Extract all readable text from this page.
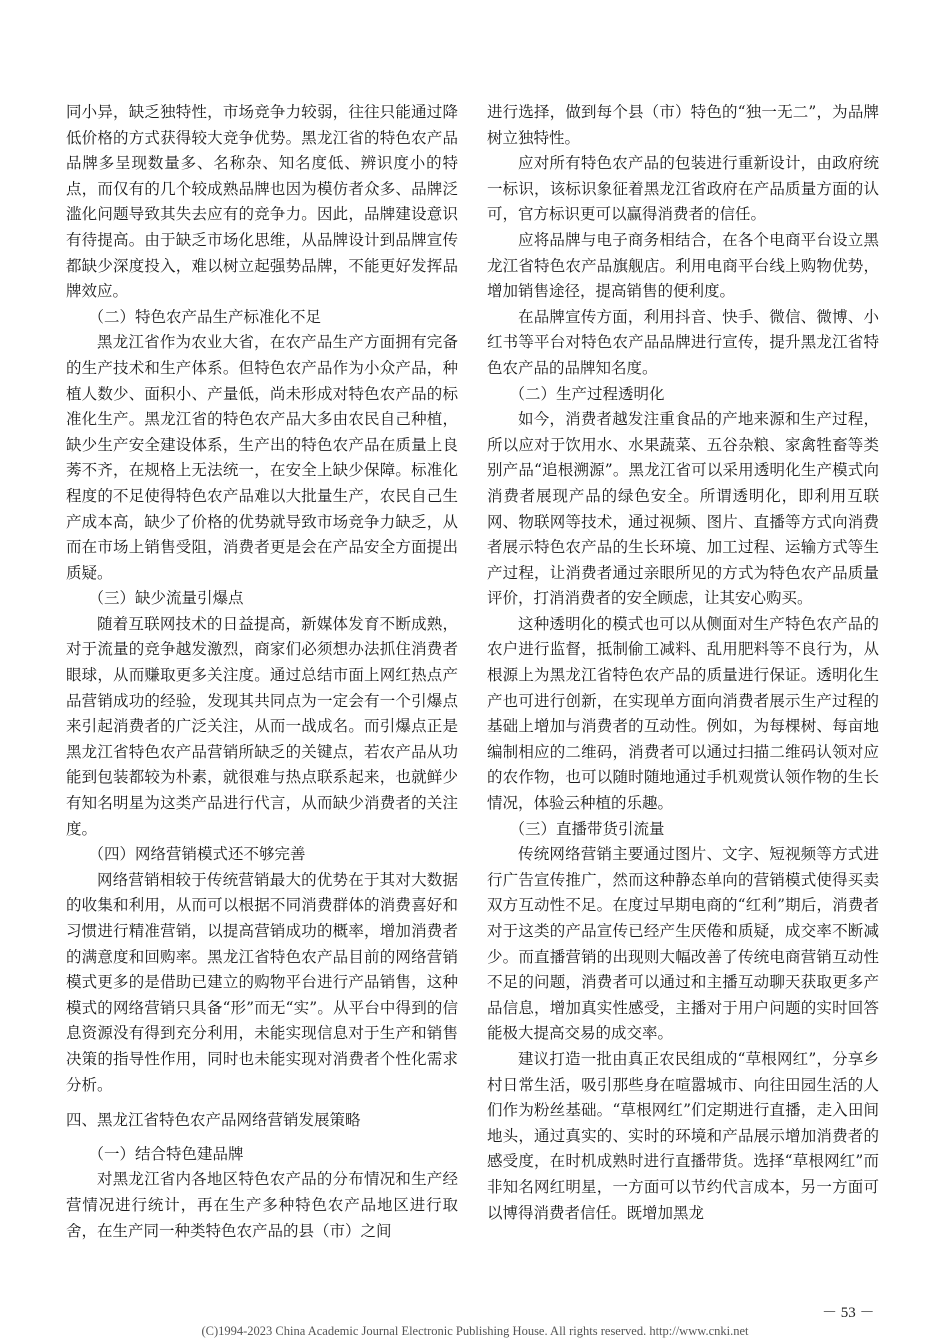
同小异，缺乏独特性，市场竞争力较弱，往往只能通过降低价格的方式获得较大竞争优势。黑龙江省的特色农产品品牌多呈现数量多、名称杂、知名度低、辨识度小的特点，而仅有的几个较成熟品牌也因为模仿者众多、品牌泛滥化问题导致其失去应有的竞争力。因此，品牌建设意识有待提高。由于缺乏市场化思维，从品牌设计到品牌宣传都缺少深度投入，难以树立起强势品牌，不能更好发挥品牌效应。

（二）特色农产品生产标准化不足

黑龙江省作为农业大省，在农产品生产方面拥有完备的生产技术和生产体系。但特色农产品作为小众产品，种植人数少、面积小、产量低，尚未形成对特色农产品的标准化生产。黑龙江省的特色农产品大多由农民自己种植，缺少生产安全建设体系，生产出的特色农产品在质量上良莠不齐，在规格上无法统一，在安全上缺少保障。标准化程度的不足使得特色农产品难以大批量生产，农民自己生产成本高，缺少了价格的优势就导致市场竞争力缺乏，从而在市场上销售受阻，消费者更是会在产品安全方面提出质疑。

（三）缺少流量引爆点

随着互联网技术的日益提高，新媒体发育不断成熟，对于流量的竞争越发激烈，商家们必须想办法抓住消费者眼球，从而赚取更多关注度。通过总结市面上网红热点产品营销成功的经验，发现其共同点为一定会有一个引爆点来引起消费者的广泛关注，从而一战成名。而引爆点正是黑龙江省特色农产品营销所缺乏的关键点，若农产品从功能到包装都较为朴素，就很难与热点联系起来，也就鲜少有知名明星为这类产品进行代言，从而缺少消费者的关注度。

（四）网络营销模式还不够完善

网络营销相较于传统营销最大的优势在于其对大数据的收集和利用，从而可以根据不同消费群体的消费喜好和习惯进行精准营销，以提高营销成功的概率，增加消费者的满意度和回购率。黑龙江省特色农产品目前的网络营销模式更多的是借助已建立的购物平台进行产品销售，这种模式的网络营销只具备“形”而无“实”。从平台中得到的信息资源没有得到充分利用，未能实现信息对于生产和销售决策的指导性作用，同时也未能实现对消费者个性化需求分析。

四、黑龙江省特色农产品网络营销发展策略

（一）结合特色建品牌

对黑龙江省内各地区特色农产品的分布情况和生产经营情况进行统计，再在生产多种特色农产品地区进行取舍，在生产同一种类特色农产品的县（市）之间

进行选择，做到每个县（市）特色的“独一无二”，为品牌树立独特性。

应对所有特色农产品的包装进行重新设计，由政府统一标识，该标识象征着黑龙江省政府在产品质量方面的认可，官方标识更可以赢得消费者的信任。

应将品牌与电子商务相结合，在各个电商平台设立黑龙江省特色农产品旗舰店。利用电商平台线上购物优势，增加销售途径，提高销售的便利度。

在品牌宣传方面，利用抖音、快手、微信、微博、小红书等平台对特色农产品品牌进行宣传，提升黑龙江省特色农产品的品牌知名度。

（二）生产过程透明化

如今，消费者越发注重食品的产地来源和生产过程，所以应对于饮用水、水果蔬菜、五谷杂粮、家禽牲畜等类别产品“追根溯源”。黑龙江省可以采用透明化生产模式向消费者展现产品的绿色安全。所谓透明化，即利用互联网、物联网等技术，通过视频、图片、直播等方式向消费者展示特色农产品的生长环境、加工过程、运输方式等生产过程，让消费者通过亲眼所见的方式为特色农产品质量评价，打消消费者的安全顾虑，让其安心购买。

这种透明化的模式也可以从侧面对生产特色农产品的农户进行监督，抵制偷工减料、乱用肥料等不良行为，从根源上为黑龙江省特色农产品的质量进行保证。透明化生产也可进行创新，在实现单方面向消费者展示生产过程的基础上增加与消费者的互动性。例如，为每棵树、每亩地编制相应的二维码，消费者可以通过扫描二维码认领对应的农作物，也可以随时随地通过手机观赏认领作物的生长情况，体验云种植的乐趣。

（三）直播带货引流量

传统网络营销主要通过图片、文字、短视频等方式进行广告宣传推广，然而这种静态单向的营销模式使得买卖双方互动性不足。在度过早期电商的“红利”期后，消费者对于这类的产品宣传已经产生厌倦和质疑，成交率不断减少。而直播营销的出现则大幅改善了传统电商营销互动性不足的问题，消费者可以通过和主播互动聊天获取更多产品信息，增加真实性感受，主播对于用户问题的实时回答能极大提高交易的成交率。

建议打造一批由真正农民组成的“草根网红”，分享乡村日常生活，吸引那些身在喧嚣城市、向往田园生活的人们作为粉丝基础。“草根网红”们定期进行直播，走入田间地头，通过真实的、实时的环境和产品展示增加消费者的感受度，在时机成熟时进行直播带货。选择“草根网红”而非知名网红明星，一方面可以节约代言成本，另一方面可以博得消费者信任。既增加黑龙

－ 53 －
(C)1994-2023 China Academic Journal Electronic Publishing House. All rights reserved. http://www.cnki.net
